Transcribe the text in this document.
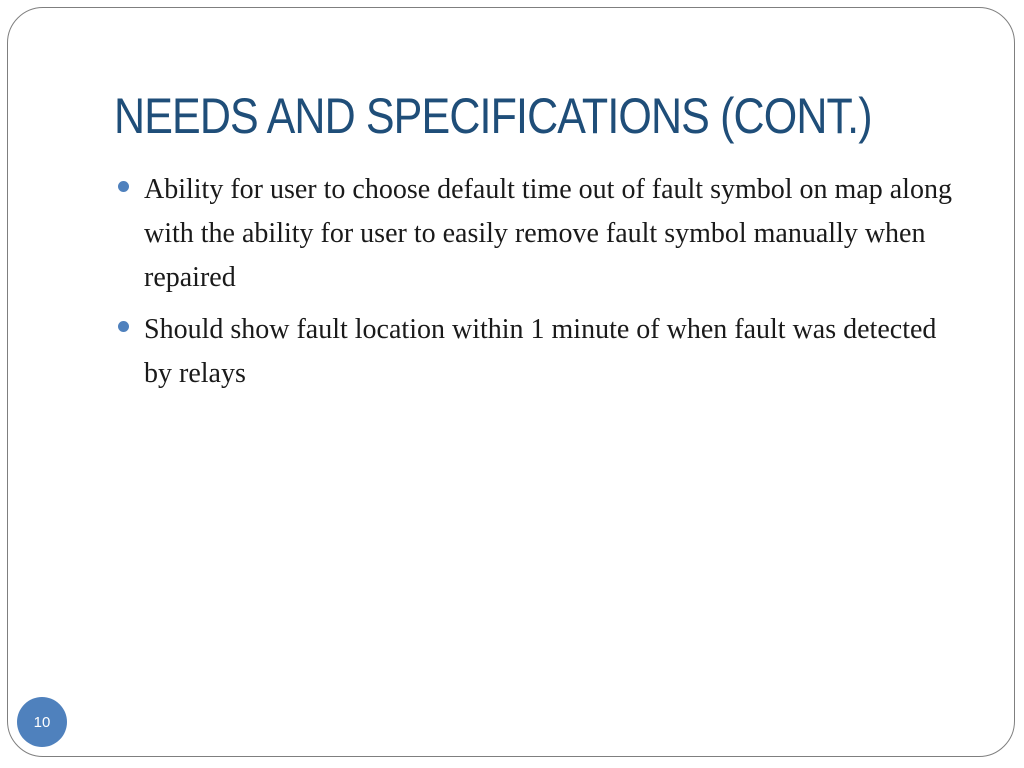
NEEDS AND SPECIFICATIONS (CONT.)
Ability for user to choose default time out of fault symbol on map along with the ability for user to easily remove fault symbol manually when repaired
Should show fault location within 1 minute of when fault was detected by relays
10
